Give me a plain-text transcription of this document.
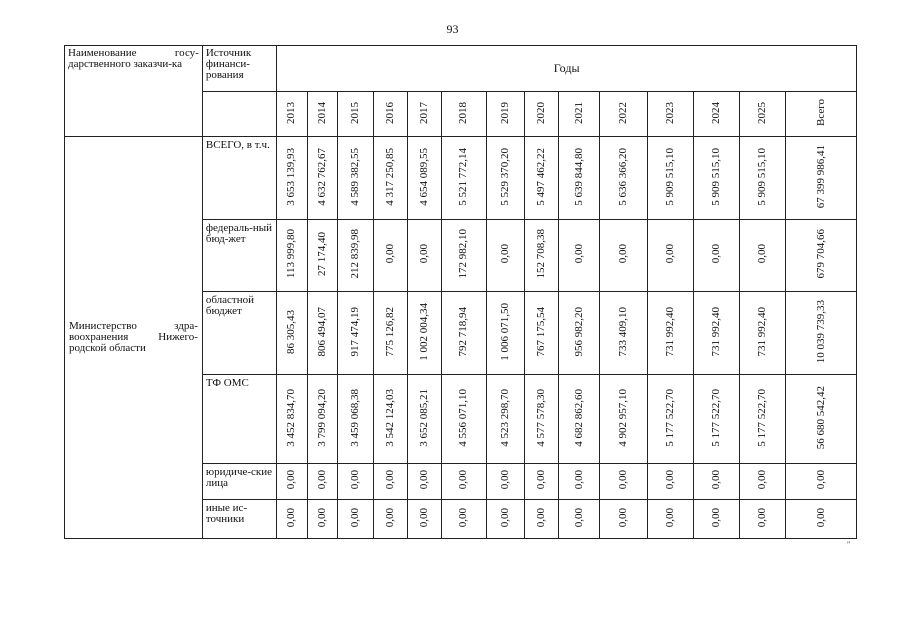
93
Наименование госу-дарственного заказчи-ка	Источник финанси-рования	Годы													
		2013	2014	2015	2016	2017	2018	2019	2020	2021	2022	2023	2024	2025	Всего
Министерство здра-воохранения Нижего-родской области	ВСЕГО, в т.ч.	3 653 139,93	4 632 762,67	4 589 382,55	4 317 250,85	4 654 089,55	5 521 772,14	5 529 370,20	5 497 462,22	5 639 844,80	5 636 366,20	5 909 515,10	5 909 515,10	5 909 515,10	67 399 986,41
	федераль-ный бюд-жет	113 999,80	27 174,40	212 839,98	0,00	0,00	172 982,10	0,00	152 708,38	0,00	0,00	0,00	0,00	0,00	679 704,66
	областной бюджет	86 305,43	806 494,07	917 474,19	775 126,82	1 002 004,34	792 718,94	1 006 071,50	767 175,54	956 982,20	733 409,10	731 992,40	731 992,40	731 992,40	10 039 739,33
	ТФ ОМС	3 452 834,70	3 799 094,20	3 459 068,38	3 542 124,03	3 652 085,21	4 556 071,10	4 523 298,70	4 577 578,30	4 682 862,60	4 902 957,10	5 177 522,70	5 177 522,70	5 177 522,70	56 680 542,42
	юридиче-ские лица	0,00	0,00	0,00	0,00	0,00	0,00	0,00	0,00	0,00	0,00	0,00	0,00	0,00	0,00
	иные ис-точники	0,00	0,00	0,00	0,00	0,00	0,00	0,00	0,00	0,00	0,00	0,00	0,00	0,00	0,00
"
